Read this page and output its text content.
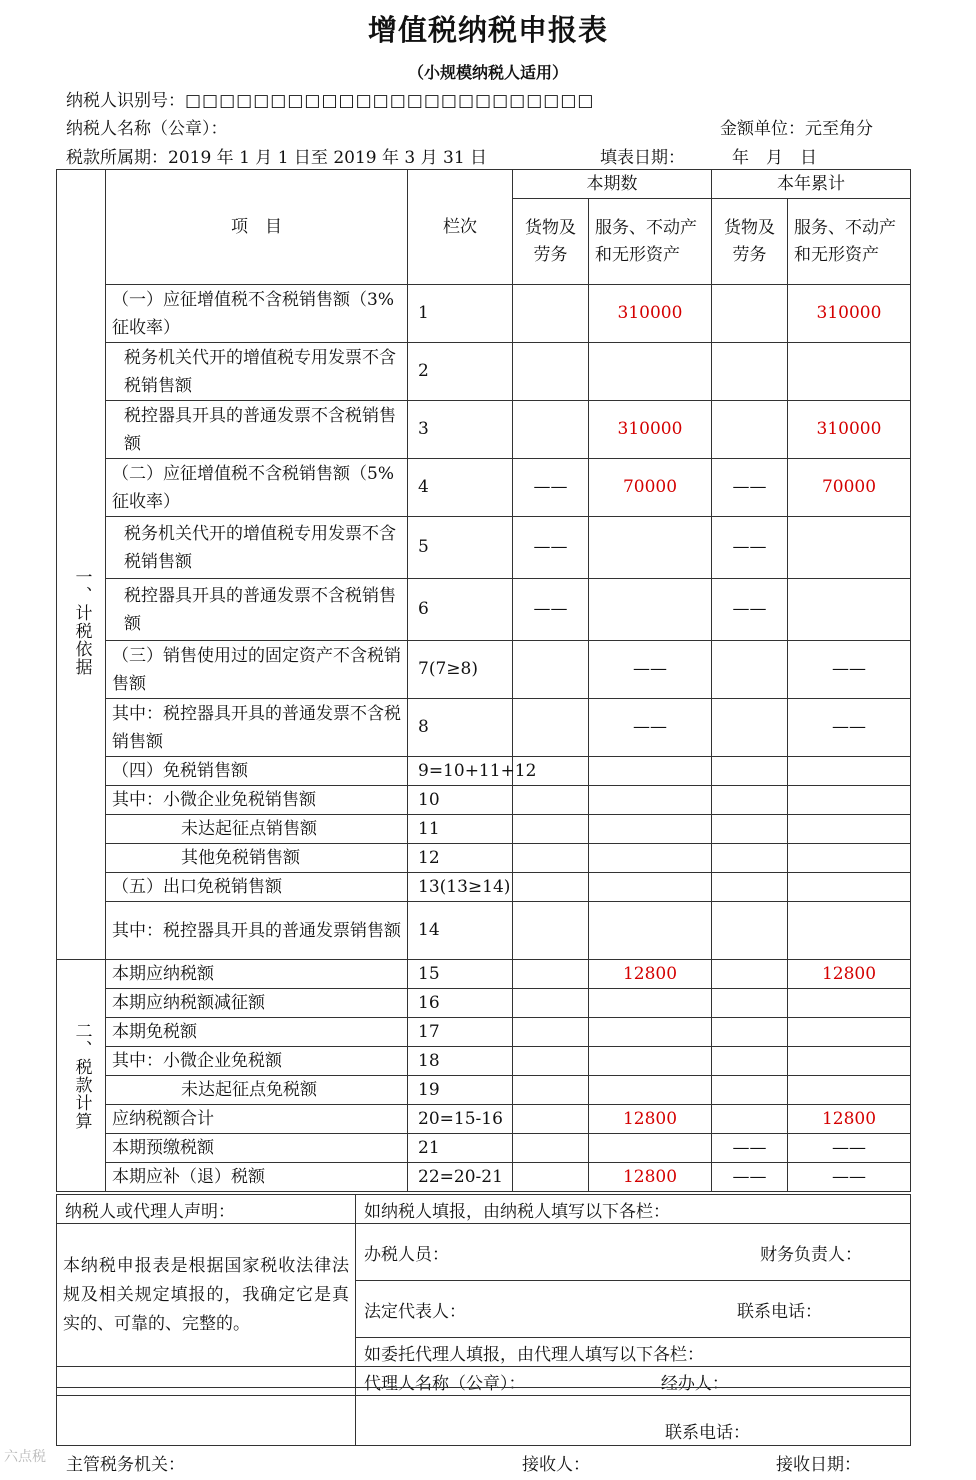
增值税纳税申报表
（小规模纳税人适用）
纳税人识别号：□□□□□□□□□□□□□□□□□□□□□□□□
纳税人名称（公章）：	金额单位：元至角分
税款所属期：2019 年 1 月 1 日至 2019 年 3 月 31 日	填表日期：	年　月　日
	项　目	栏次	本期数		本年累计	
			货物及劳务	服务、不动产和无形资产	货物及劳务	服务、不动产和无形资产
一、计税依据	（一）应征增值税不含税销售额（3%征收率）	1		310000		310000
	税务机关代开的增值税专用发票不含税销售额	2				
	税控器具开具的普通发票不含税销售额	3		310000		310000
	（二）应征增值税不含税销售额（5%征收率）	4	——	70000	——	70000
	税务机关代开的增值税专用发票不含税销售额	5	——		——	
	税控器具开具的普通发票不含税销售额	6	——		——	
	（三）销售使用过的固定资产不含税销售额	7(7≥8)		——		——
	其中：税控器具开具的普通发票不含税销售额	8		——		——
	（四）免税销售额	9=10+11+12				
	其中：小微企业免税销售额	10				
	未达起征点销售额	11				
	其他免税销售额	12				
	（五）出口免税销售额	13(13≥14)				
	其中：税控器具开具的普通发票销售额	14				
二、税款计算	本期应纳税额	15		12800		12800
	本期应纳税额减征额	16				
	本期免税额	17				
	其中：小微企业免税额	18				
	未达起征点免税额	19				
	应纳税额合计	20=15-16		12800		12800
	本期预缴税额	21			——	——
	本期应补（退）税额	22=20-21		12800	——	——
纳税人或代理人声明：	如纳税人填报，由纳税人填写以下各栏：
本纳税申报表是根据国家税收法律法规及相关规定填报的，我确定它是真实的、可靠的、完整的。	办税人员： 财务负责人：

	法定代表人： 联系电话：

	如委托代理人填报，由代理人填写以下各栏：
	代理人名称（公章）： 经办人：
	联系电话：
主管税务机关：	接收人：	接收日期：
六点税
